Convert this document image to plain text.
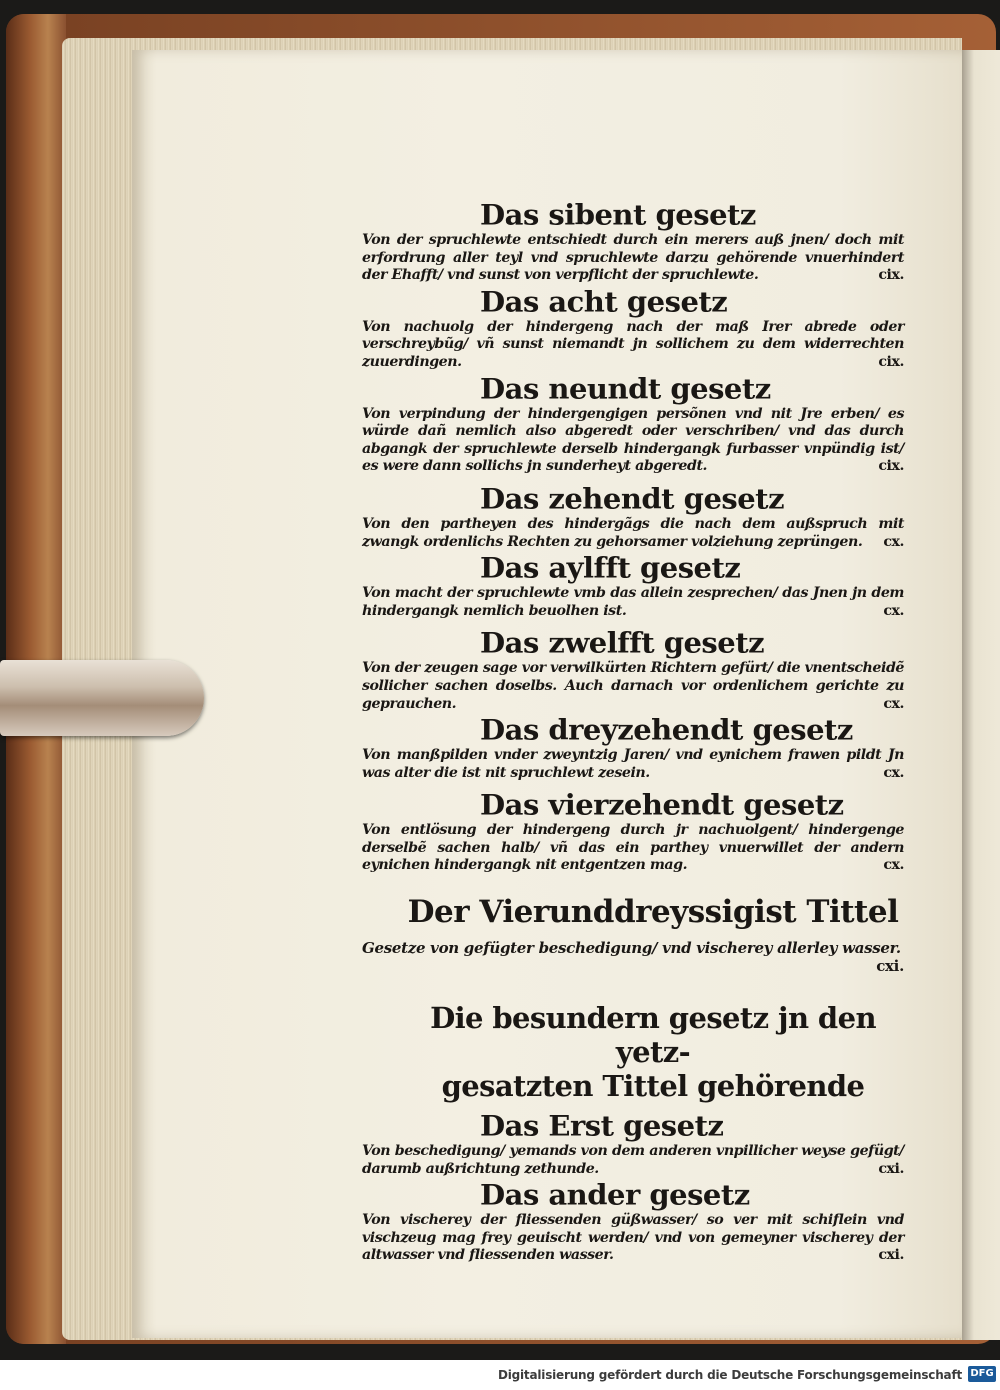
Das sibent gesetz
Von der spruchlewte entschiedt durch ein merers auß jnen/ doch mit erfordrung aller teyl vnd spruchlewte darzu gehörende vnuerhindert der Ehafft/ vnd sunst von verpflicht der spruchlewte.	cix.
Das acht gesetz
Von nachuolg der hindergeng nach der maß Irer abrede oder verschreybũg/ vñ sunst niemandt jn sollichem zu dem widerrechten zuuerdingen.	cix.
Das neundt gesetz
Von verpindung der hindergengigen persõnen vnd nit Jre erben/ es würde dañ nemlich also abgeredt oder verschriben/ vnd das durch abgangk der spruchlewte derselb hindergangk furbasser vnpündig ist/ es were dann sollichs jn sunderheyt abgeredt.	cix.
Das zehendt gesetz
Von den partheyen des hindergãgs die nach dem außspruch mit zwangk ordenlichs Rechten zu gehorsamer volziehung zeprüngen. cx.
Das aylfft gesetz
Von macht der spruchlewte vmb das allein zesprechen/ das Jnen jn dem hindergangk nemlich beuolhen ist.	cx.
Das zwelfft gesetz
Von der zeugen sage vor verwilkürten Richtern gefürt/ die vnentscheidẽ sollicher sachen doselbs. Auch darnach vor ordenlichem gerichte zu geprauchen.	cx.
Das dreyzehendt gesetz
Von manßpilden vnder zweyntzig Jaren/ vnd eynichem frawen pildt Jn was alter die ist nit spruchlewt zesein.	cx.
Das vierzehendt gesetz
Von entlösung der hindergeng durch jr nachuolgent/ hindergenge derselbẽ sachen halb/ vñ das ein parthey vnuerwillet der andern eynichen hindergangk nit entgentzen mag.	cx.
Der Vierunddreyssigist Tittel
Gesetze von gefügter beschedigung/ vnd vischerey allerley wasser.
cxi.
Die besundern gesetz jn den yetz-
gesatzten Tittel gehörende
Das Erst gesetz
Von beschedigung/ yemands von dem anderen vnpillicher weyse gefügt/ darumb außrichtung zethunde.	cxi.
Das ander gesetz
Von vischerey der fliessenden güßwasser/ so ver mit schiflein vnd vischzeug mag frey geuischt werden/ vnd von gemeyner vischerey der altwasser vnd fliessenden wasser.	cxi.
Digitalisierung gefördert durch die Deutsche Forschungsgemeinschaft DFG
